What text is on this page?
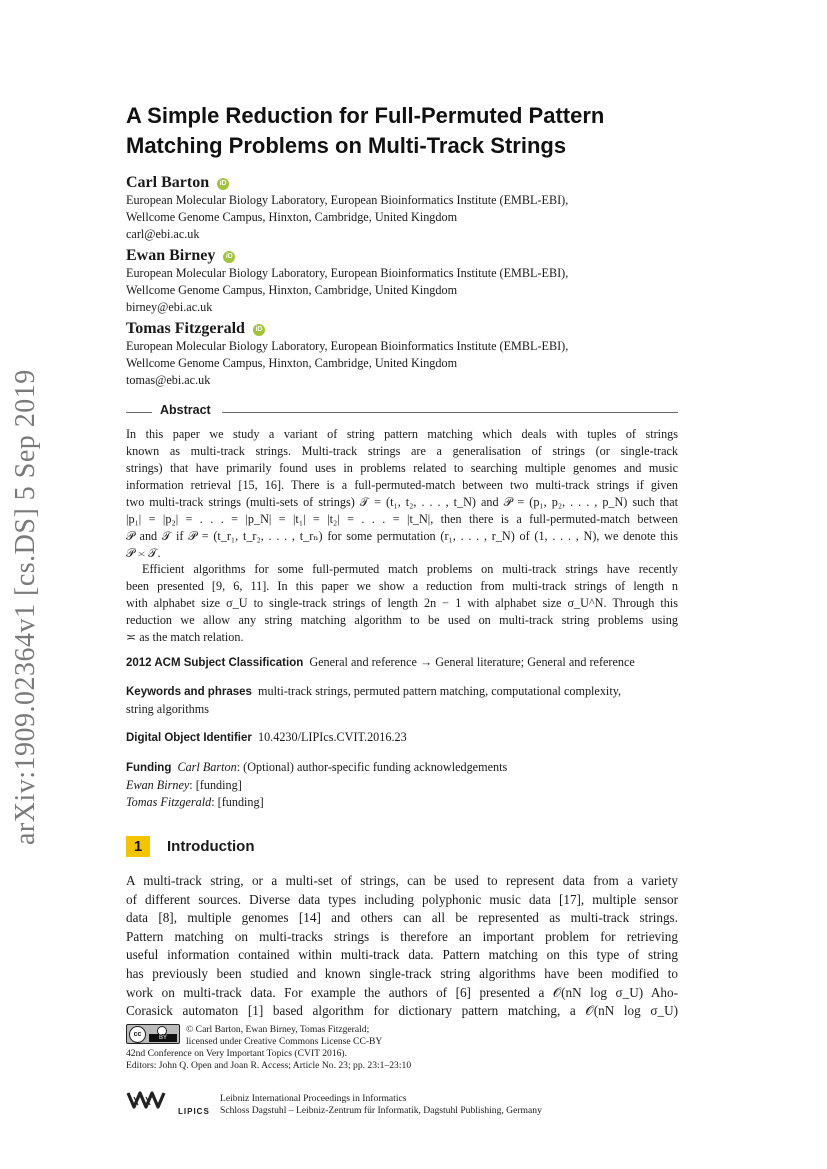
arXiv:1909.02364v1 [cs.DS] 5 Sep 2019
A Simple Reduction for Full-Permuted Pattern
Matching Problems on Multi-Track Strings
Carl Barton iD
European Molecular Biology Laboratory, European Bioinformatics Institute (EMBL-EBI),
Wellcome Genome Campus, Hinxton, Cambridge, United Kingdom
carl@ebi.ac.uk
Ewan Birney iD
European Molecular Biology Laboratory, European Bioinformatics Institute (EMBL-EBI),
Wellcome Genome Campus, Hinxton, Cambridge, United Kingdom
birney@ebi.ac.uk
Tomas Fitzgerald iD
European Molecular Biology Laboratory, European Bioinformatics Institute (EMBL-EBI),
Wellcome Genome Campus, Hinxton, Cambridge, United Kingdom
tomas@ebi.ac.uk
Abstract
In this paper we study a variant of string pattern matching which deals with tuples of strings
known as multi-track strings. Multi-track strings are a generalisation of strings (or single-track
strings) that have primarily found uses in problems related to searching multiple genomes and music
information retrieval [15, 16]. There is a full-permuted-match between two multi-track strings if given
two multi-track strings (multi-sets of strings) 𝒯 = (t₁, t₂, . . . , t_N) and 𝒫 = (p₁, p₂, . . . , p_N) such that
|p₁| = |p₂| = . . . = |p_N| = |t₁| = |t₂| = . . . = |t_N|, then there is a full-permuted-match between
𝒫 and 𝒯 if 𝒫 = (t_r₁, t_r₂, . . . , t_rₙ) for some permutation (r₁, . . . , r_N) of (1, . . . , N), we denote this
𝒫 ≍ 𝒯.
Efficient algorithms for some full-permuted match problems on multi-track strings have recently
been presented [9, 6, 11]. In this paper we show a reduction from multi-track strings of length n
with alphabet size σ_U to single-track strings of length 2n − 1 with alphabet size σ_U^N. Through this
reduction we allow any string matching algorithm to be used on multi-track string problems using
≍ as the match relation.
2012 ACM Subject Classification General and reference → General literature; General and reference
Keywords and phrases multi-track strings, permuted pattern matching, computational complexity,
string algorithms
Digital Object Identifier 10.4230/LIPIcs.CVIT.2016.23
Funding Carl Barton: (Optional) author-specific funding acknowledgements
Ewan Birney: [funding]
Tomas Fitzgerald: [funding]
1	Introduction
A multi-track string, or a multi-set of strings, can be used to represent data from a variety
of different sources. Diverse data types including polyphonic music data [17], multiple sensor
data [8], multiple genomes [14] and others can all be represented as multi-track strings.
Pattern matching on multi-tracks strings is therefore an important problem for retrieving
useful information contained within multi-track data. Pattern matching on this type of string
has previously been studied and known single-track string algorithms have been modified to
work on multi-track data. For example the authors of [6] presented a 𝒪(nN log σ_U) Aho-
Corasick automaton [1] based algorithm for dictionary pattern matching, a 𝒪(nN log σ_U)
cc	BY
© Carl Barton, Ewan Birney, Tomas Fitzgerald;
licensed under Creative Commons License CC-BY
42nd Conference on Very Important Topics (CVIT 2016).
Editors: John Q. Open and Joan R. Access; Article No. 23; pp. 23:1–23:10
LIPICS
Leibniz International Proceedings in Informatics
Schloss Dagstuhl – Leibniz-Zentrum für Informatik, Dagstuhl Publishing, Germany
